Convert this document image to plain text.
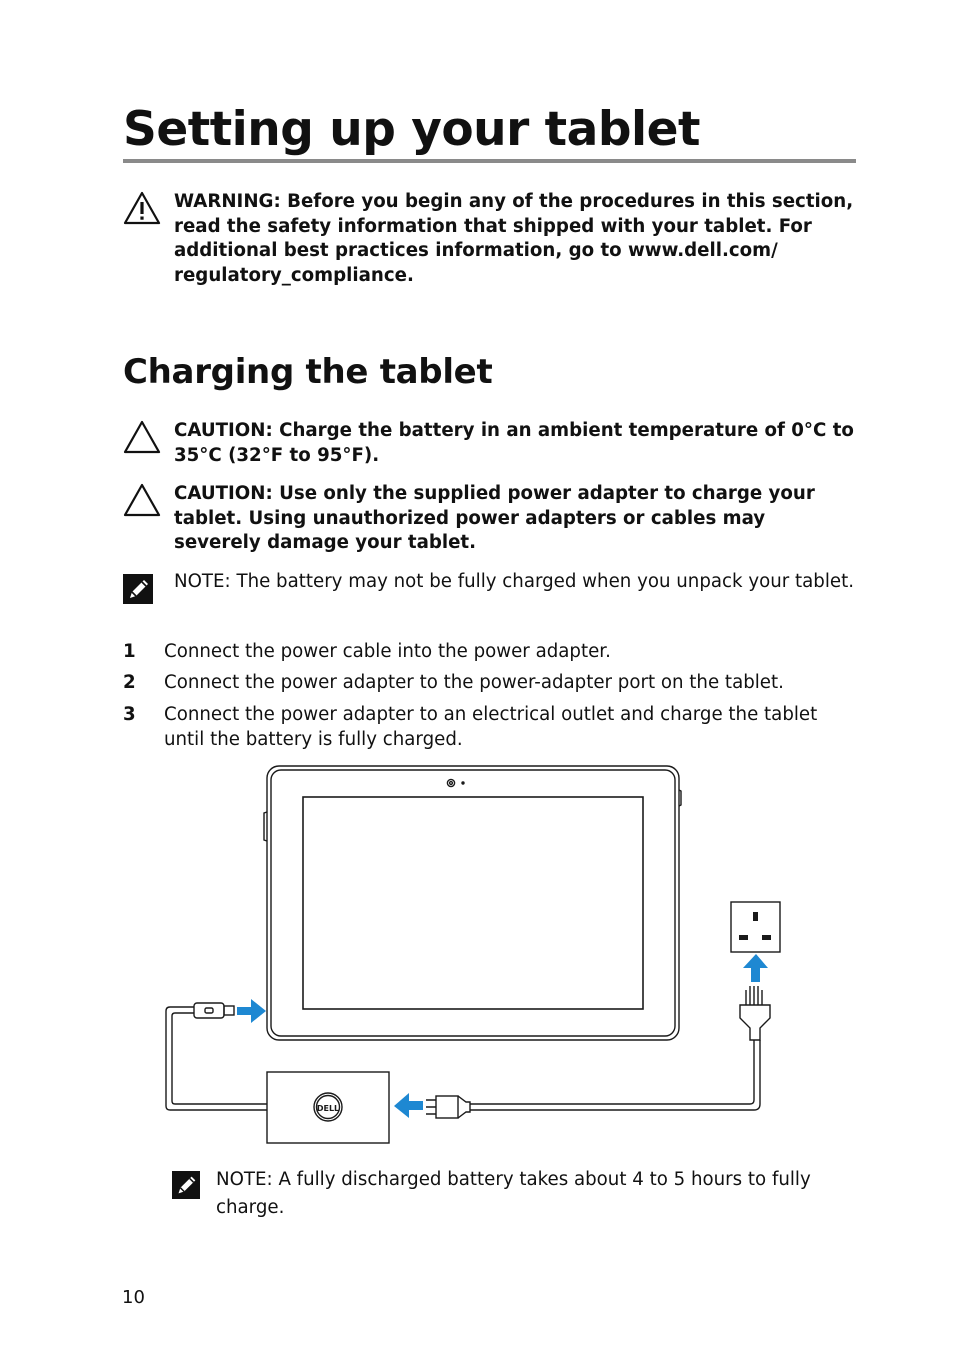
Setting up your tablet
WARNING: Before you begin any of the procedures in this section, read the safety information that shipped with your tablet. For additional best practices information, go to www.dell.com/ regulatory_compliance.
Charging the tablet
CAUTION: Charge the battery in an ambient temperature of 0°C to 35°C (32°F to 95°F).
CAUTION: Use only the supplied power adapter to charge your tablet. Using unauthorized power adapters or cables may severely damage your tablet.
NOTE: The battery may not be fully charged when you unpack your tablet.
1 Connect the power cable into the power adapter.
2 Connect the power adapter to the power-adapter port on the tablet.
3 Connect the power adapter to an electrical outlet and charge the tablet until the battery is fully charged.
DELL
NOTE: A fully discharged battery takes about 4 to 5 hours to fully charge.
10
